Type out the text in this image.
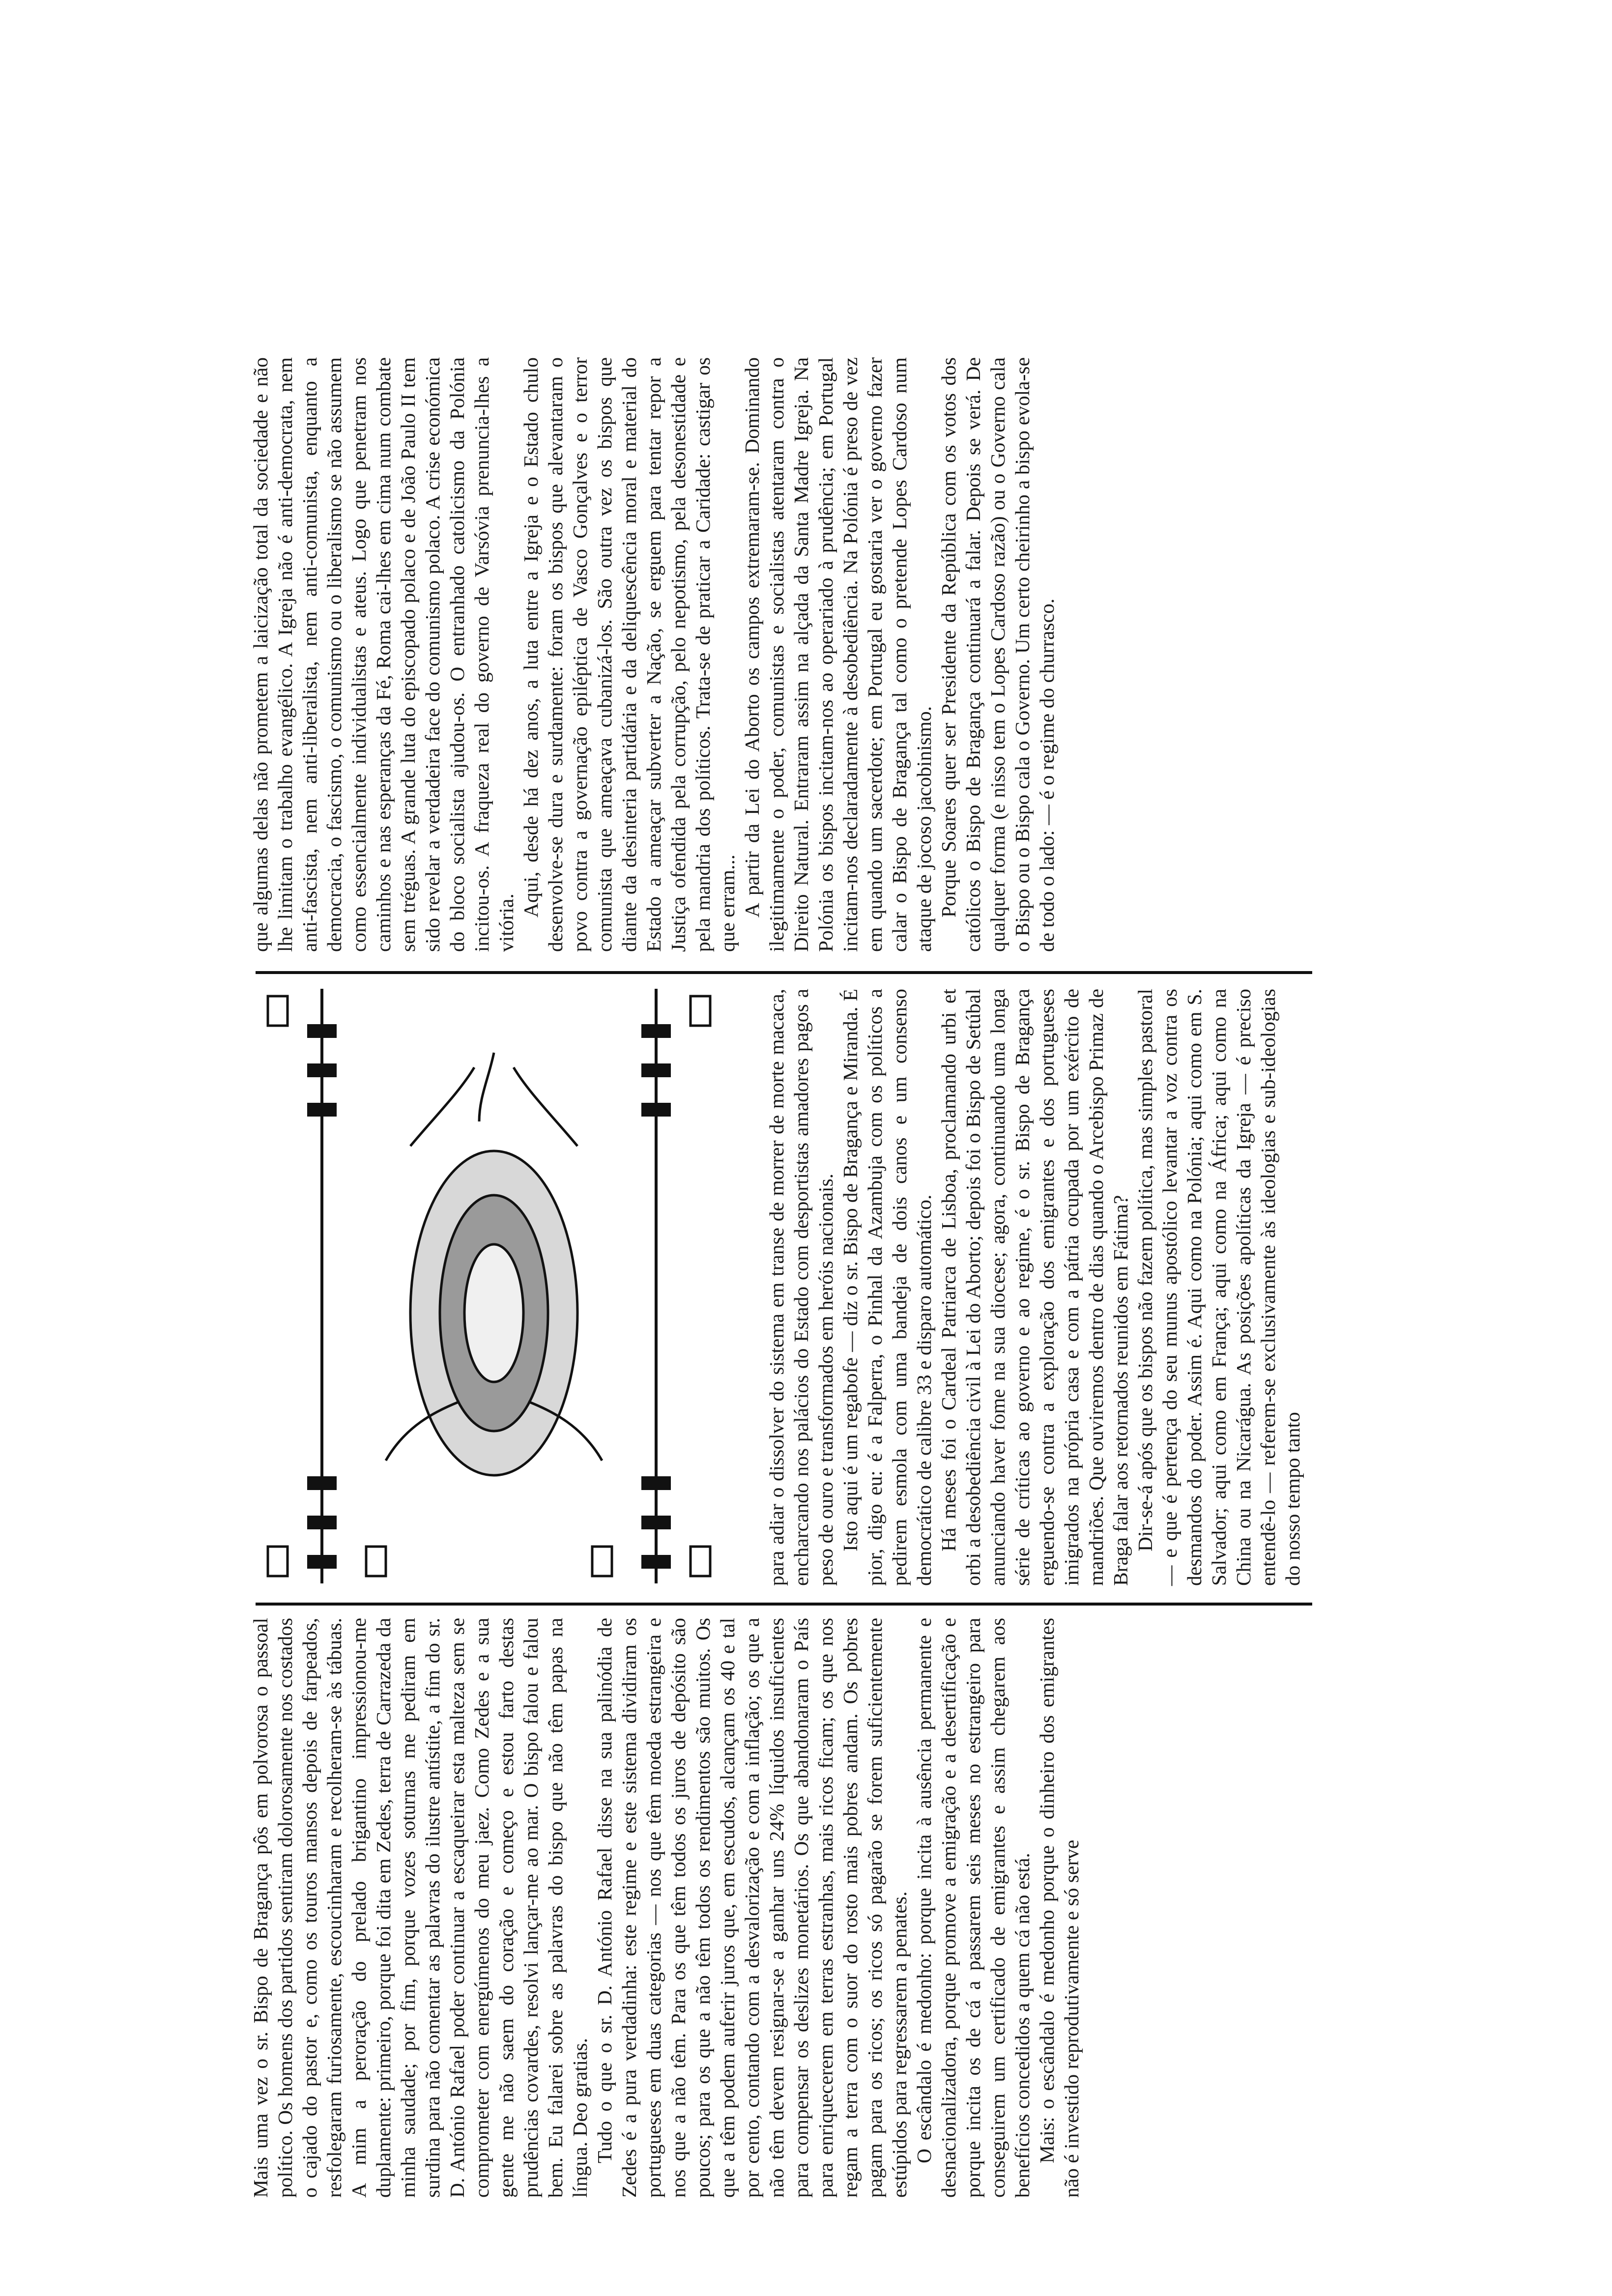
Mais uma vez o sr. Bispo de Bragança pôs em polvorosa o passoal político. Os homens dos partidos sentiram dolorosamente nos costados o cajado do pastor e, como os touros mansos depois de farpeados, resfolegaram furiosamente, escoucinharam e recolheram-se às tábuas. A mim a peroração do prelado brigantino impressionou-me duplamente: primeiro, porque foi dita em Zedes, terra de Carrazeda da minha saudade; por fim, porque vozes soturnas me pediram em surdina para não comentar as palavras do ilustre antístite, a fim do sr. D. António Rafael poder continuar a escaqueirar esta malteza sem se comprometer com energúmenos do meu jaez. Como Zedes e a sua gente me não saem do coração e começo e estou farto destas prudências covardes, resolvi lançar-me ao mar. O bispo falou e falou bem. Eu falarei sobre as palavras do bispo que não têm papas na língua. Deo gratias. Tudo o que o sr. D. António Rafael disse na sua palinódia de Zedes é a pura verdadinha: este regime e este sistema dividiram os portugueses em duas categorias — nos que têm moeda estrangeira e nos que a não têm. Para os que têm todos os juros de depósito são poucos; para os que a não têm todos os rendimentos são muitos. Os que a têm podem auferir juros que, em escudos, alcançam os 40 e tal por cento, contando com a desvalorização e com a inflação; os que a não têm devem resignar-se a ganhar uns 24% líquidos insuficientes para compensar os deslizes monetários. Os que abandonaram o País para enriquecerem em terras estranhas, mais ricos ficam; os que nos regam a terra com o suor do rosto mais pobres andam. Os pobres pagam para os ricos; os ricos só pagarão se forem suficientemente estúpidos para regressarem a penates. O escândalo é medonho: porque incita à ausência permanente e desnacionalizadora, porque promove a emigração e a desertificação e porque incita os de cá a passarem seis meses no estrangeiro para conseguirem um certificado de emigrantes e assim chegarem aos benefícios concedidos a quem cá não está. Mais: o escândalo é medonho porque o dinheiro dos emigrantes não é investido reprodutivamente e só serve

para adiar o dissolver do sistema em transe de morrer de morte macaca, encharcando nos palácios do Estado com desportistas amadores pagos a peso de ouro e transformados em heróis nacionais. Isto aqui é um regabofe — diz o sr. Bispo de Bragança e Miranda. É pior, digo eu: é a Falperra, o Pinhal da Azambuja com os políticos a pedirem esmola com uma bandeja de dois canos e um consenso democrático de calibre 33 e disparo automático. Há meses foi o Cardeal Patriarca de Lisboa, proclamando urbi et orbi a desobediência civil à Lei do Aborto; depois foi o Bispo de Setúbal anunciando haver fome na sua diocese; agora, continuando uma longa série de críticas ao governo e ao regime, é o sr. Bispo de Bragança erguendo-se contra a exploração dos emigrantes e dos portugueses imigrados na própria casa e com a pátria ocupada por um exército de mandriões. Que ouviremos dentro de dias quando o Arcebispo Primaz de Braga falar aos retornados reunidos em Fátima? Dir-se-á após que os bispos não fazem política, mas simples pastoral — e que é pertença do seu munus apostólico levantar a voz contra os desmandos do poder. Assim é. Aqui como na Polónia; aqui como em S. Salvador; aqui como em França; aqui como na África; aqui como na China ou na Nicarágua. As posições apolíticas da Igreja — é preciso entendê-lo — referem-se exclusivamente às ideologias e sub-ideologias do nosso tempo tanto

que algumas delas não prometem a laicização total da sociedade e não lhe limitam o trabalho evangélico. A Igreja não é anti-democrata, nem anti-fascista, nem anti-liberalista, nem anti-comunista, enquanto a democracia, o fascismo, o comunismo ou o liberalismo se não assumem como essencialmente individualistas e ateus. Logo que penetram nos caminhos e nas esperanças da Fé, Roma cai-lhes em cima num combate sem tréguas. A grande luta do episcopado polaco e de João Paulo II tem sido revelar a verdadeira face do comunismo polaco. A crise económica do bloco socialista ajudou-os. O entranhado catolicismo da Polónia incitou-os. A fraqueza real do governo de Varsóvia prenuncia-lhes a vitória.

Aqui, desde há dez anos, a luta entre a Igreja e o Estado chulo desenvolve-se dura e surdamente: foram os bispos que alevantaram o povo contra a governação epiléptica de Vasco Gonçalves e o terror comunista que ameaçava cubanizá-los. São outra vez os bispos que diante da desinteria partidária e da deliquescência moral e material do Estado a ameaçar subverter a Nação, se erguem para tentar repor a Justiça ofendida pela corrupção, pelo nepotismo, pela desonestidade e pela mandria dos políticos. Trata-se de praticar a Caridade: castigar os que erram... A partir da Lei do Aborto os campos extremaram-se. Dominando ilegitimamente o poder, comunistas e socialistas atentaram contra o Direito Natural. Entraram assim na alçada da Santa Madre Igreja. Na Polónia os bispos incitam-nos ao operariado à prudência; em Portugal incitam-nos declaradamente à desobediência. Na Polónia é preso de vez em quando um sacerdote; em Portugal eu gostaria ver o governo fazer calar o Bispo de Bragança tal como o pretende Lopes Cardoso num ataque de jocoso jacobinismo. Porque Soares quer ser Presidente da República com os votos dos católicos o Bispo de Bragança continuará a falar. Depois se verá. De qualquer forma (e nisso tem o Lopes Cardoso razão) ou o Governo cala o Bispo ou o Bispo cala o Governo. Um certo cheirinho a bispo evola-se de todo o lado: — é o regime do churrasco.
